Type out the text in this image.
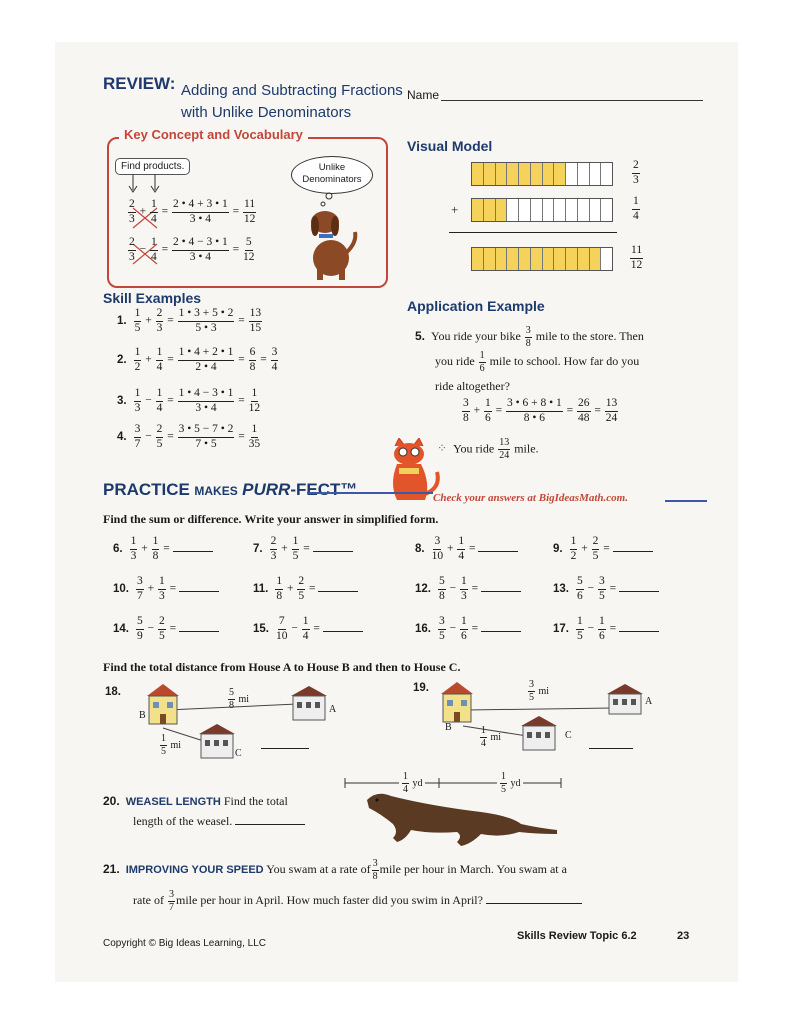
REVIEW: Adding and Subtracting Fractions
with Unlike Denominators
Name
Key Concept and Vocabulary
Find products.
$\frac{2}{3} + \frac{1}{4} = \frac{2 • 4 + 3 • 1}{3 • 4} = \frac{11}{12}$
$\frac{2}{3} - \frac{1}{4} = \frac{2 • 4 - 3 • 1}{3 • 4} = \frac{5}{12}$
Unlike
Denominators
Visual Model
+
$\frac{2}{3}$
$\frac{1}{4}$
$\frac{11}{12}$
Skill Examples
1. $\frac{1}{5} + \frac{2}{3} = \frac{1 • 3 + 5 • 2}{5 • 3} = \frac{13}{15}$
2. $\frac{1}{2} + \frac{1}{4} = \frac{1 • 4 + 2 • 1}{2 • 4} = \frac{6}{8} = \frac{3}{4}$
3. $\frac{1}{3} - \frac{1}{4} = \frac{1 • 4 - 3 • 1}{3 • 4} = \frac{1}{12}$
4. $\frac{3}{7} - \frac{2}{5} = \frac{3 • 5 - 7 • 2}{7 • 5} = \frac{1}{35}$
Application Example
5. You ride your bike $\frac{3}{8}$ mile to the store. Then
you ride $\frac{1}{6}$ mile to school. How far do you
ride altogether?
$\frac{3}{8} + \frac{1}{6} = \frac{3 • 6 + 8 • 1}{8 • 6} = \frac{26}{48} = \frac{13}{24}$
⁘ You ride $\frac{13}{24}$ mile.
PRACTICE MAKES PURR-FECT™	Check your answers at BigIdeasMath.com.
Find the sum or difference. Write your answer in simplified form.
6. $\frac{1}{3} + \frac{1}{8}$ =	7. $\frac{2}{3} + \frac{1}{5}$ =	8. $\frac{3}{10} + \frac{1}{4}$ =	9. $\frac{1}{2} + \frac{2}{5}$ =
10. $\frac{3}{7} + \frac{1}{3}$ =	11. $\frac{1}{8} + \frac{2}{5}$ =	12. $\frac{5}{8} - \frac{1}{3}$ =	13. $\frac{5}{6} - \frac{3}{5}$ =
14. $\frac{5}{9} - \frac{2}{5}$ =	15. $\frac{7}{10} - \frac{1}{4}$ =	16. $\frac{3}{5} - \frac{1}{6}$ =	17. $\frac{1}{5} - \frac{1}{6}$ =
Find the total distance from House A to House B and then to House C.
18.
B
A
C
$\frac{5}{8}$ mi
$\frac{1}{5}$ mi
19.
B
A
C
$\frac{3}{5}$ mi
$\frac{1}{4}$ mi
20. WEASEL LENGTH Find the total
length of the weasel.
$\frac{1}{4}$ yd	$\frac{1}{5}$ yd
21. IMPROVING YOUR SPEED You swam at a rate of $\frac{3}{8}$ mile per hour in March. You swam at a
rate of $\frac{3}{7}$ mile per hour in April. How much faster did you swim in April?
Copyright © Big Ideas Learning, LLC
Skills Review Topic 6.2	23
